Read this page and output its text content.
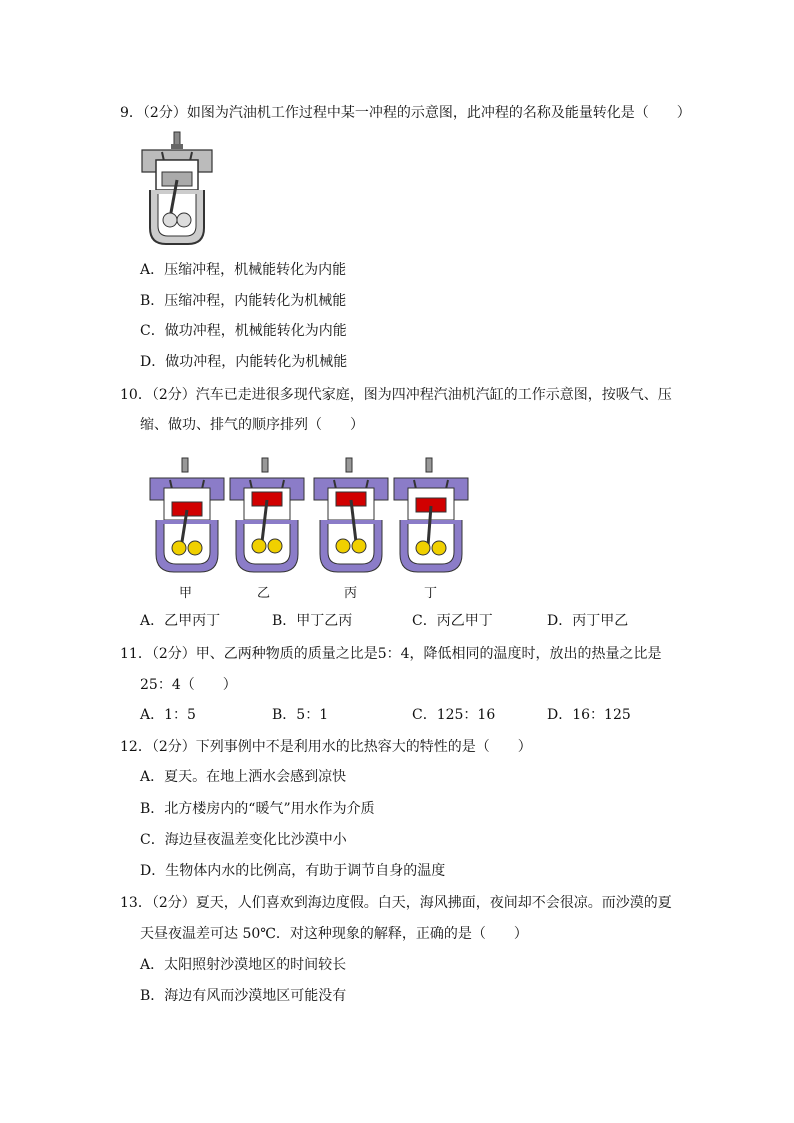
9．（2分）如图为汽油机工作过程中某一冲程的示意图，此冲程的名称及能量转化是（　　）
A．压缩冲程，机械能转化为内能
B．压缩冲程，内能转化为机械能
C．做功冲程，机械能转化为内能
D．做功冲程，内能转化为机械能
10．（2分）汽车已走进很多现代家庭，图为四冲程汽油机汽缸的工作示意图，按吸气、压
缩、做功、排气的顺序排列（　　）
甲	乙	丙	丁
A．乙甲丙丁	B．甲丁乙丙	C．丙乙甲丁	D．丙丁甲乙
11．（2分）甲、乙两种物质的质量之比是5：4，降低相同的温度时，放出的热量之比是
25：4（　　）
A．1：5	B．5：1	C．125：16	D．16：125
12．（2分）下列事例中不是利用水的比热容大的特性的是（　　）
A．夏天。在地上洒水会感到凉快
B．北方楼房内的“暖气”用水作为介质
C．海边昼夜温差变化比沙漠中小
D．生物体内水的比例高，有助于调节自身的温度
13．（2分）夏天，人们喜欢到海边度假。白天，海风拂面，夜间却不会很凉。而沙漠的夏
天昼夜温差可达 50℃．对这种现象的解释，正确的是（　　）
A．太阳照射沙漠地区的时间较长
B．海边有风而沙漠地区可能没有
